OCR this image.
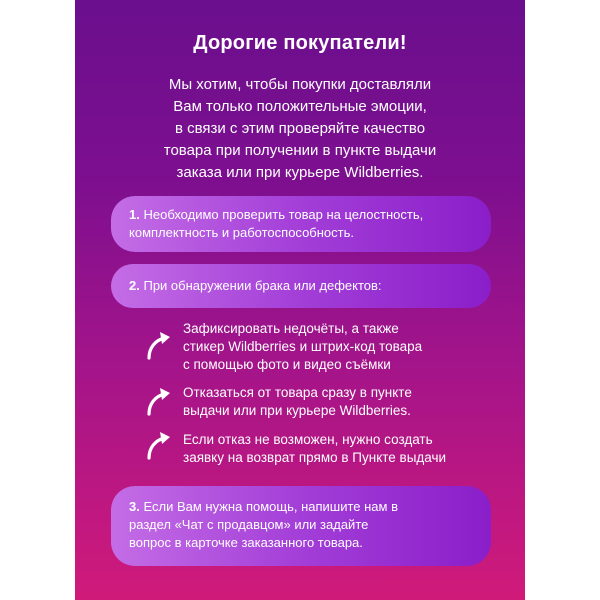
Дорогие покупатели!
Мы хотим, чтобы покупки доставляли
Вам только положительные эмоции,
в связи с этим проверяйте качество
товара при получении в пункте выдачи
заказа или при курьере Wildberries.
1. Необходимо проверить товар на целостность,
комплектность и работоспособность.
2. При обнаружении брака или дефектов:
Зафиксировать недочёты, а также
стикер Wildberries и штрих-код товара
с помощью фото и видео съёмки
Отказаться от товара сразу в пункте
выдачи или при курьере Wildberries.
Если отказ не возможен, нужно создать
заявку на возврат прямо в Пункте выдачи
3. Если Вам нужна помощь, напишите нам в
раздел «Чат с продавцом» или задайте
вопрос в карточке заказанного товара.
